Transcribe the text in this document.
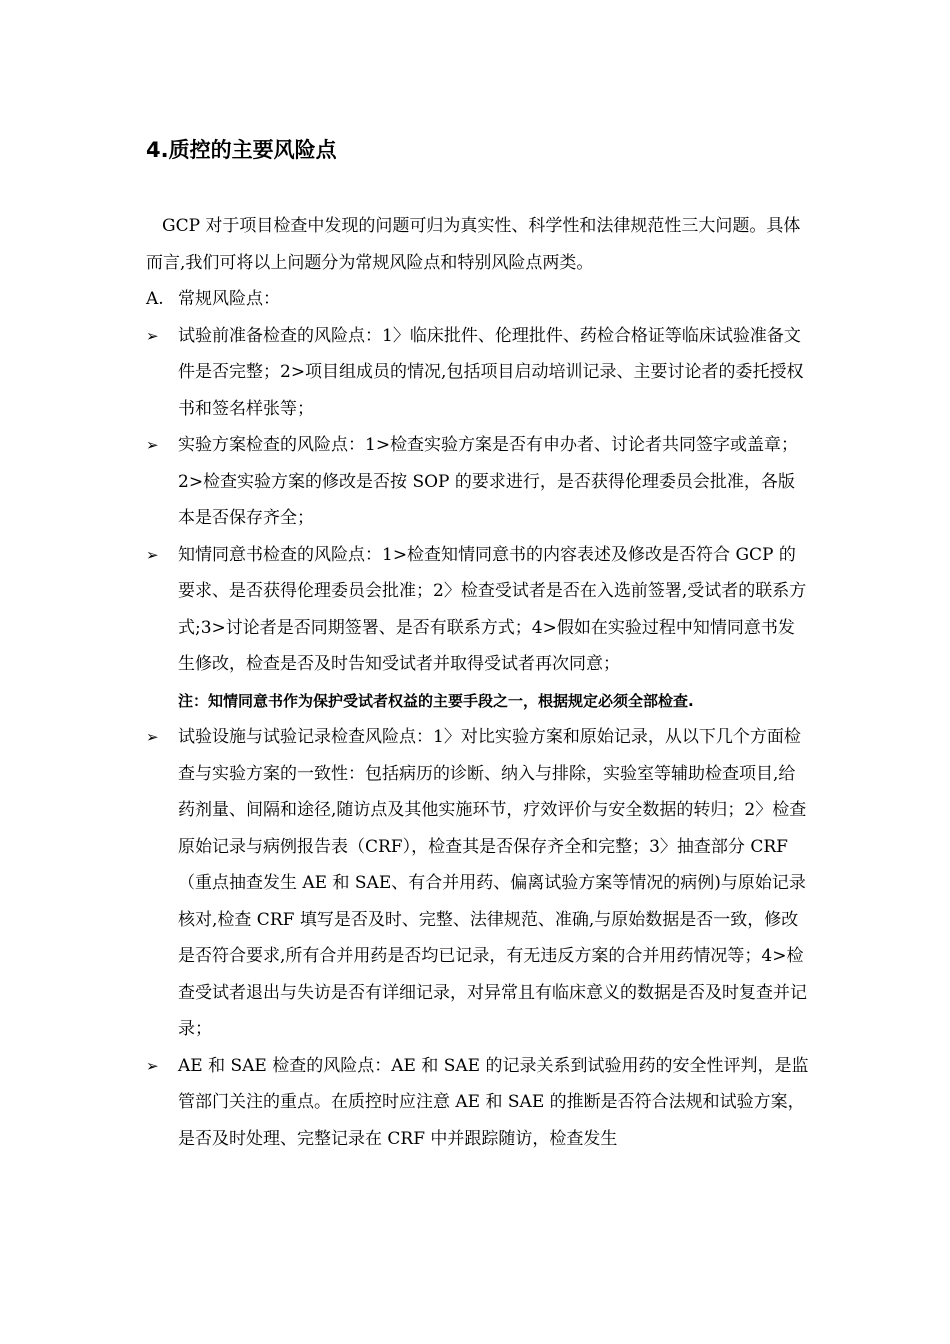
4.质控的主要风险点

GCP 对于项目检查中发现的问题可归为真实性、科学性和法律规范性三大问题。具体而言,我们可将以上问题分为常规风险点和特别风险点两类。

A. 常规风险点：

➢	试验前准备检查的风险点：1〉临床批件、伦理批件、药检合格证等临床试验准备文件是否完整；2>项目组成员的情况,包括项目启动培训记录、主要讨论者的委托授权书和签名样张等；

➢	实验方案检查的风险点：1>检查实验方案是否有申办者、讨论者共同签字或盖章；2>检查实验方案的修改是否按 SOP 的要求进行，是否获得伦理委员会批准，各版本是否保存齐全；

➢	知情同意书检查的风险点：1>检查知情同意书的内容表述及修改是否符合 GCP 的要求、是否获得伦理委员会批准；2〉检查受试者是否在入选前签署,受试者的联系方式;3>讨论者是否同期签署、是否有联系方式；4>假如在实验过程中知情同意书发生修改，检查是否及时告知受试者并取得受试者再次同意；

注：知情同意书作为保护受试者权益的主要手段之一，根据规定必须全部检查.

➢	试验设施与试验记录检查风险点：1〉对比实验方案和原始记录，从以下几个方面检查与实验方案的一致性：包括病历的诊断、纳入与排除，实验室等辅助检查项目,给药剂量、间隔和途径,随访点及其他实施环节，疗效评价与安全数据的转归；2〉检查原始记录与病例报告表（CRF），检查其是否保存齐全和完整；3〉抽查部分 CRF（重点抽查发生 AE 和 SAE、有合并用药、偏离试验方案等情况的病例)与原始记录核对,检查 CRF 填写是否及时、完整、法律规范、准确,与原始数据是否一致，修改是否符合要求,所有合并用药是否均已记录，有无违反方案的合并用药情况等；4>检查受试者退出与失访是否有详细记录，对异常且有临床意义的数据是否及时复查并记录；

➢	AE 和 SAE 检查的风险点：AE 和 SAE 的记录关系到试验用药的安全性评判，是监管部门关注的重点。在质控时应注意 AE 和 SAE 的推断是否符合法规和试验方案，是否及时处理、完整记录在 CRF 中并跟踪随访，检查发生
